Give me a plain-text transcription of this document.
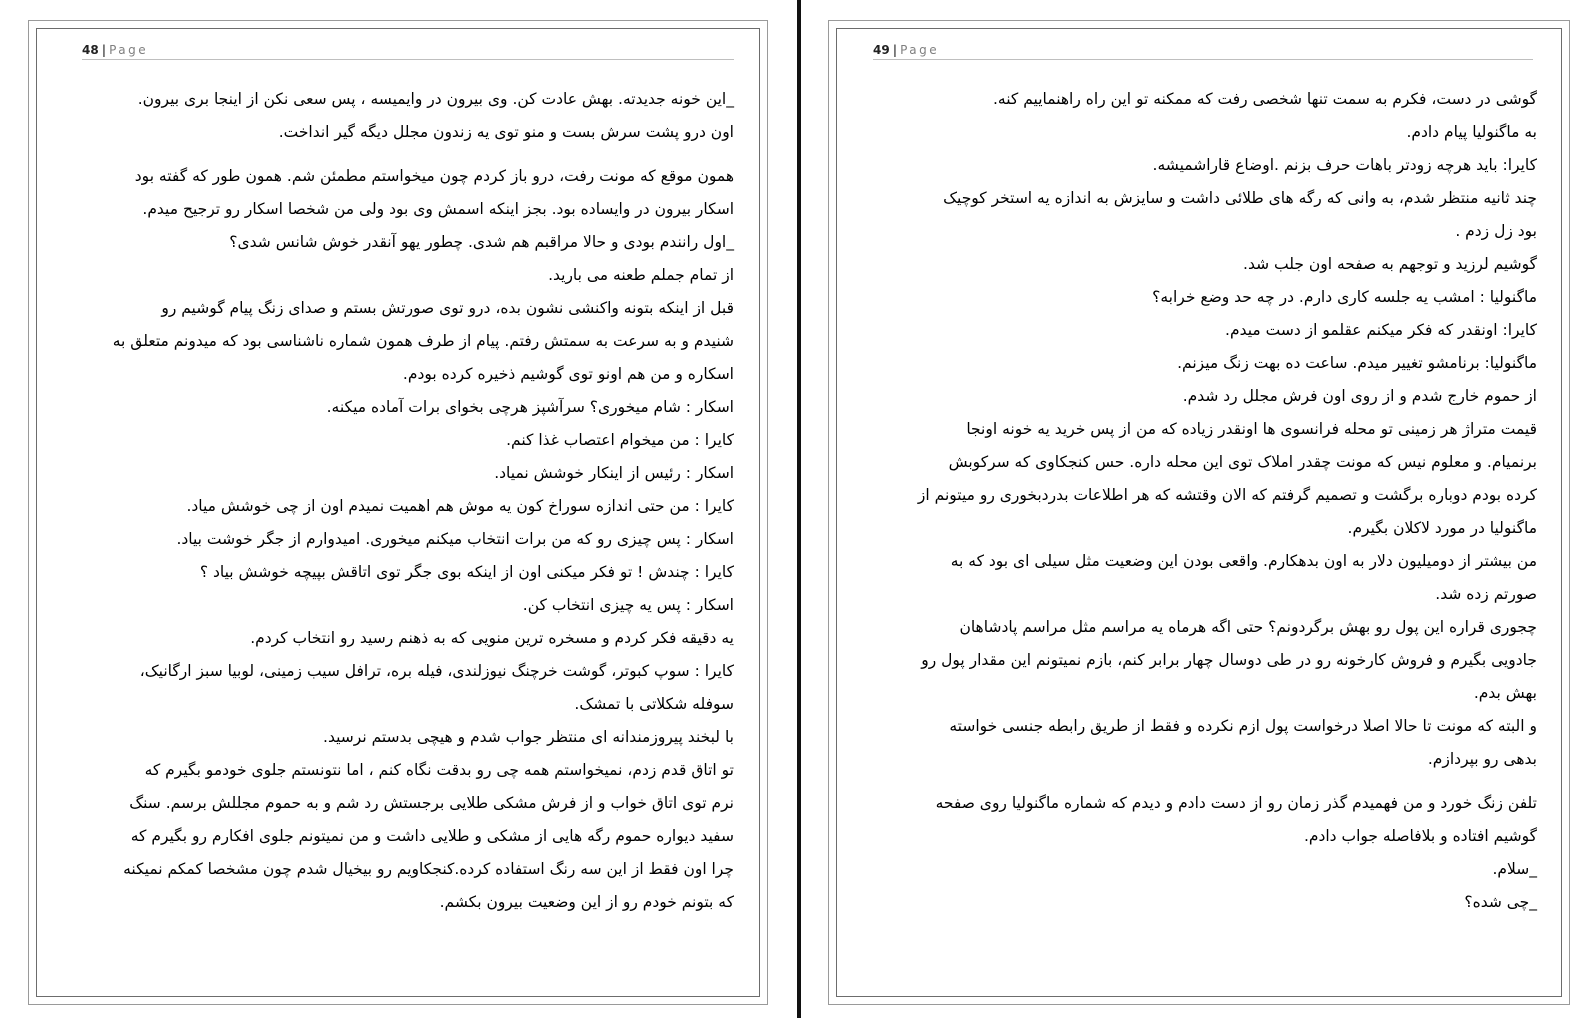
48 | Page

_این خونه جدیدته. بهش عادت کن. وی بیرون در وایمیسه ، پس سعی نکن از اینجا بری بیرون.

اون درو پشت سرش بست و منو توی یه زندون مجلل دیگه گیر انداخت.

همون موقع که مونت رفت، درو باز کردم چون میخواستم مطمئن شم. همون طور که گفته بود

اسکار بیرون در وایساده بود. بجز اینکه اسمش وی بود ولی من شخصا اسکار رو ترجیح میدم.

_اول رانندم بودی و حالا مراقبم هم شدی. چطور یهو آنقدر خوش شانس شدی؟

از تمام جملم طعنه می بارید.

قبل از اینکه بتونه واکنشی نشون بده، درو توی صورتش بستم و صدای زنگ پیام گوشیم رو

شنیدم و به سرعت به سمتش رفتم. پیام از طرف همون شماره ناشناسی بود که میدونم متعلق به

اسکاره و من هم اونو توی گوشیم ذخیره کرده بودم.

اسکار : شام میخوری؟ سرآشپز هرچی بخوای برات آماده میکنه.

کایرا : من میخوام اعتصاب غذا کنم.

اسکار : رئیس از اینکار خوشش نمیاد.

کایرا : من حتی اندازه سوراخ کون یه موش هم اهمیت نمیدم اون از چی خوشش میاد.

اسکار : پس چیزی رو که من برات انتخاب میکنم میخوری. امیدوارم از جگر خوشت بیاد.

کایرا : چندش ! تو فکر میکنی اون از اینکه بوی جگر توی اتاقش بپیچه خوشش بیاد ؟

اسکار : پس یه چیزی انتخاب کن.

یه دقیقه فکر کردم و مسخره ترین منویی که به ذهنم رسید رو انتخاب کردم.

کایرا : سوپ کبوتر، گوشت خرچنگ نیوزلندی، فیله بره، ترافل سیب زمینی، لوبیا سبز ارگانیک،

سوفله شکلاتی با تمشک.

با لبخند پیروزمندانه ای منتظر جواب شدم و هیچی بدستم نرسید.

تو اتاق قدم زدم، نمیخواستم همه چی رو بدقت نگاه کنم ، اما نتونستم جلوی خودمو بگیرم که

نرم توی اتاق خواب و از فرش مشکی طلایی برجستش رد شم و به حموم مجللش برسم. سنگ

سفید دیواره حموم رگه هایی از مشکی و طلایی داشت و من نمیتونم جلوی افکارم رو بگیرم که

چرا اون فقط از این سه رنگ استفاده کرده.کنجکاویم رو بیخیال شدم چون مشخصا کمکم نمیکنه

که بتونم خودم رو از این وضعیت بیرون بکشم.

49 | Page

گوشی در دست، فکرم به سمت تنها شخصی رفت که ممکنه تو این راه راهنماییم کنه.

به ماگنولیا پیام دادم.

کایرا: باید هرچه زودتر باهات حرف بزنم .اوضاع قاراشمیشه.

چند ثانیه منتظر شدم، به وانی که رگه های طلائی داشت و سایزش به اندازه یه استخر کوچیک

بود زل زدم .

گوشیم لرزید و توجهم به صفحه اون جلب شد.

ماگنولیا : امشب یه جلسه کاری دارم. در چه حد وضع خرابه؟

کایرا: اونقدر که فکر میکنم عقلمو از دست میدم.

ماگنولیا: برنامشو تغییر میدم. ساعت ده بهت زنگ میزنم.

از حموم خارج شدم و از روی اون فرش مجلل رد شدم.

قیمت متراژ هر زمینی تو محله فرانسوی ها اونقدر زیاده که من از پس خرید یه خونه اونجا

برنمیام. و معلوم نیس که مونت چقدر املاک توی این محله داره. حس کنجکاوی که سرکوبش

کرده بودم دوباره برگشت و تصمیم گرفتم که الان وقتشه که هر اطلاعات بدردبخوری رو میتونم از

ماگنولیا در مورد لاکلان بگیرم.

من بیشتر از دومیلیون دلار به اون بدهکارم. واقعی بودن این وضعیت مثل سیلی ای بود که به

صورتم زده شد.

چجوری قراره این پول رو بهش برگردونم؟ حتی اگه هرماه یه مراسم مثل مراسم پادشاهان

جادویی بگیرم و فروش کارخونه رو در طی دوسال چهار برابر کنم، بازم نمیتونم این مقدار پول رو

بهش بدم.

و البته که مونت تا حالا اصلا درخواست پول ازم نکرده و فقط از طریق رابطه جنسی خواسته

بدهی رو بپردازم.

تلفن زنگ خورد و من فهمیدم گذر زمان رو از دست دادم و دیدم که شماره ماگنولیا روی صفحه

گوشیم افتاده و بلافاصله جواب دادم.

_سلام.

_چی شده؟
